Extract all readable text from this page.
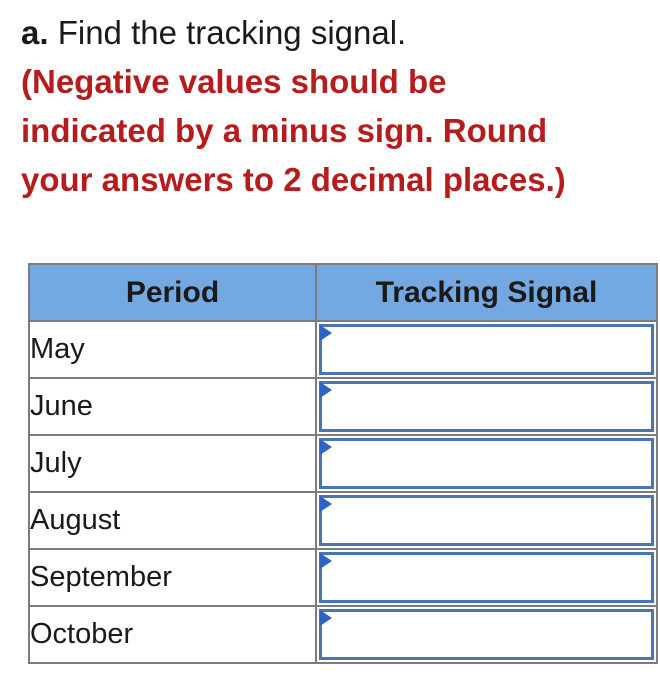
a. Find the tracking signal.
(Negative values should be
indicated by a minus sign. Round
your answers to 2 decimal places.)
Period	Tracking Signal
May	

June	

July	

August	

September	

October	
